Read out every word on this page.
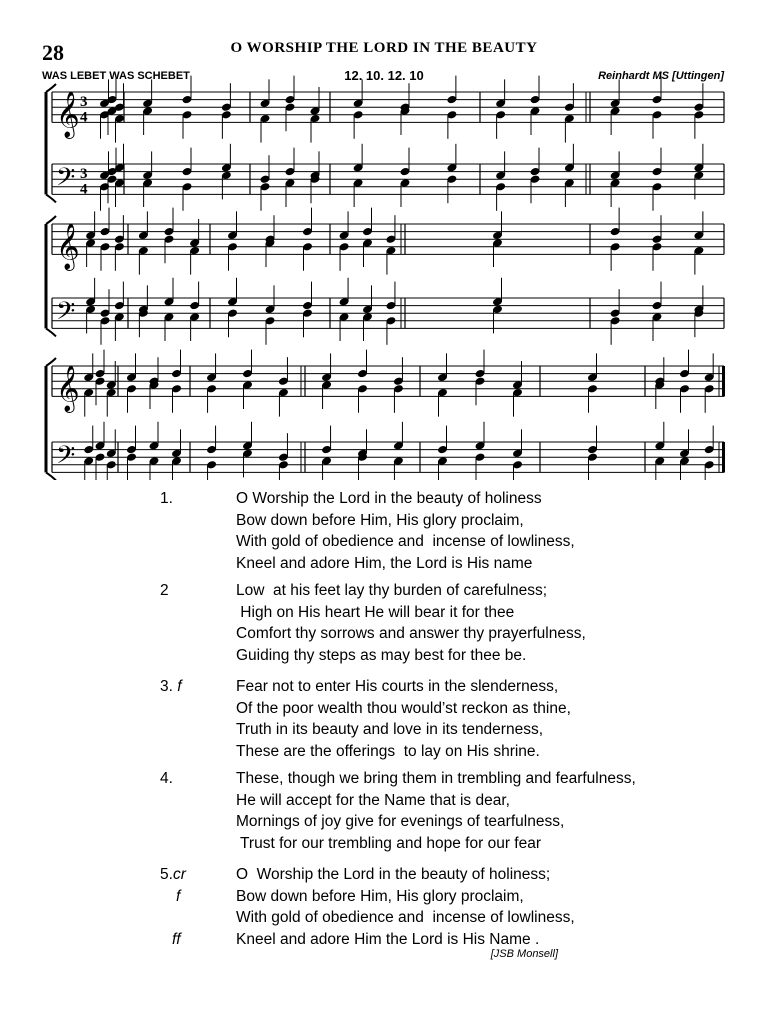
28	O WORSHIP THE LORD IN THE BEAUTY
WAS LEBET WAS SCHEBET	12. 10. 12. 10	Reinhardt MS [Uttingen]
𝄞
𝄢
3
4
3
4
𝄞
𝄢
𝄞
𝄢
1.	O Worship the Lord in the beauty of holiness
Bow down before Him, His glory proclaim,
With gold of obedience and  incense of lowliness,
Kneel and adore Him, the Lord is His name
2	Low  at his feet lay thy burden of carefulness;
High on His heart He will bear it for thee
Comfort thy sorrows and answer thy prayerfulness,
Guiding thy steps as may best for thee be.
3. f	Fear not to enter His courts in the slenderness,
Of the poor wealth thou would’st reckon as thine,
Truth in its beauty and love in its tenderness,
These are the offerings  to lay on His shrine.
4.	These, though we bring them in trembling and fearfulness,
He will accept for the Name that is dear,
Mornings of joy give for evenings of tearfulness,
Trust for our trembling and hope for our fear
5.cr	O  Worship the Lord in the beauty of holiness;
Bow down before Him, His glory proclaim,
With gold of obedience and  incense of lowliness,
Kneel and adore Him the Lord is His Name .
f
ff
[JSB Monsell]
